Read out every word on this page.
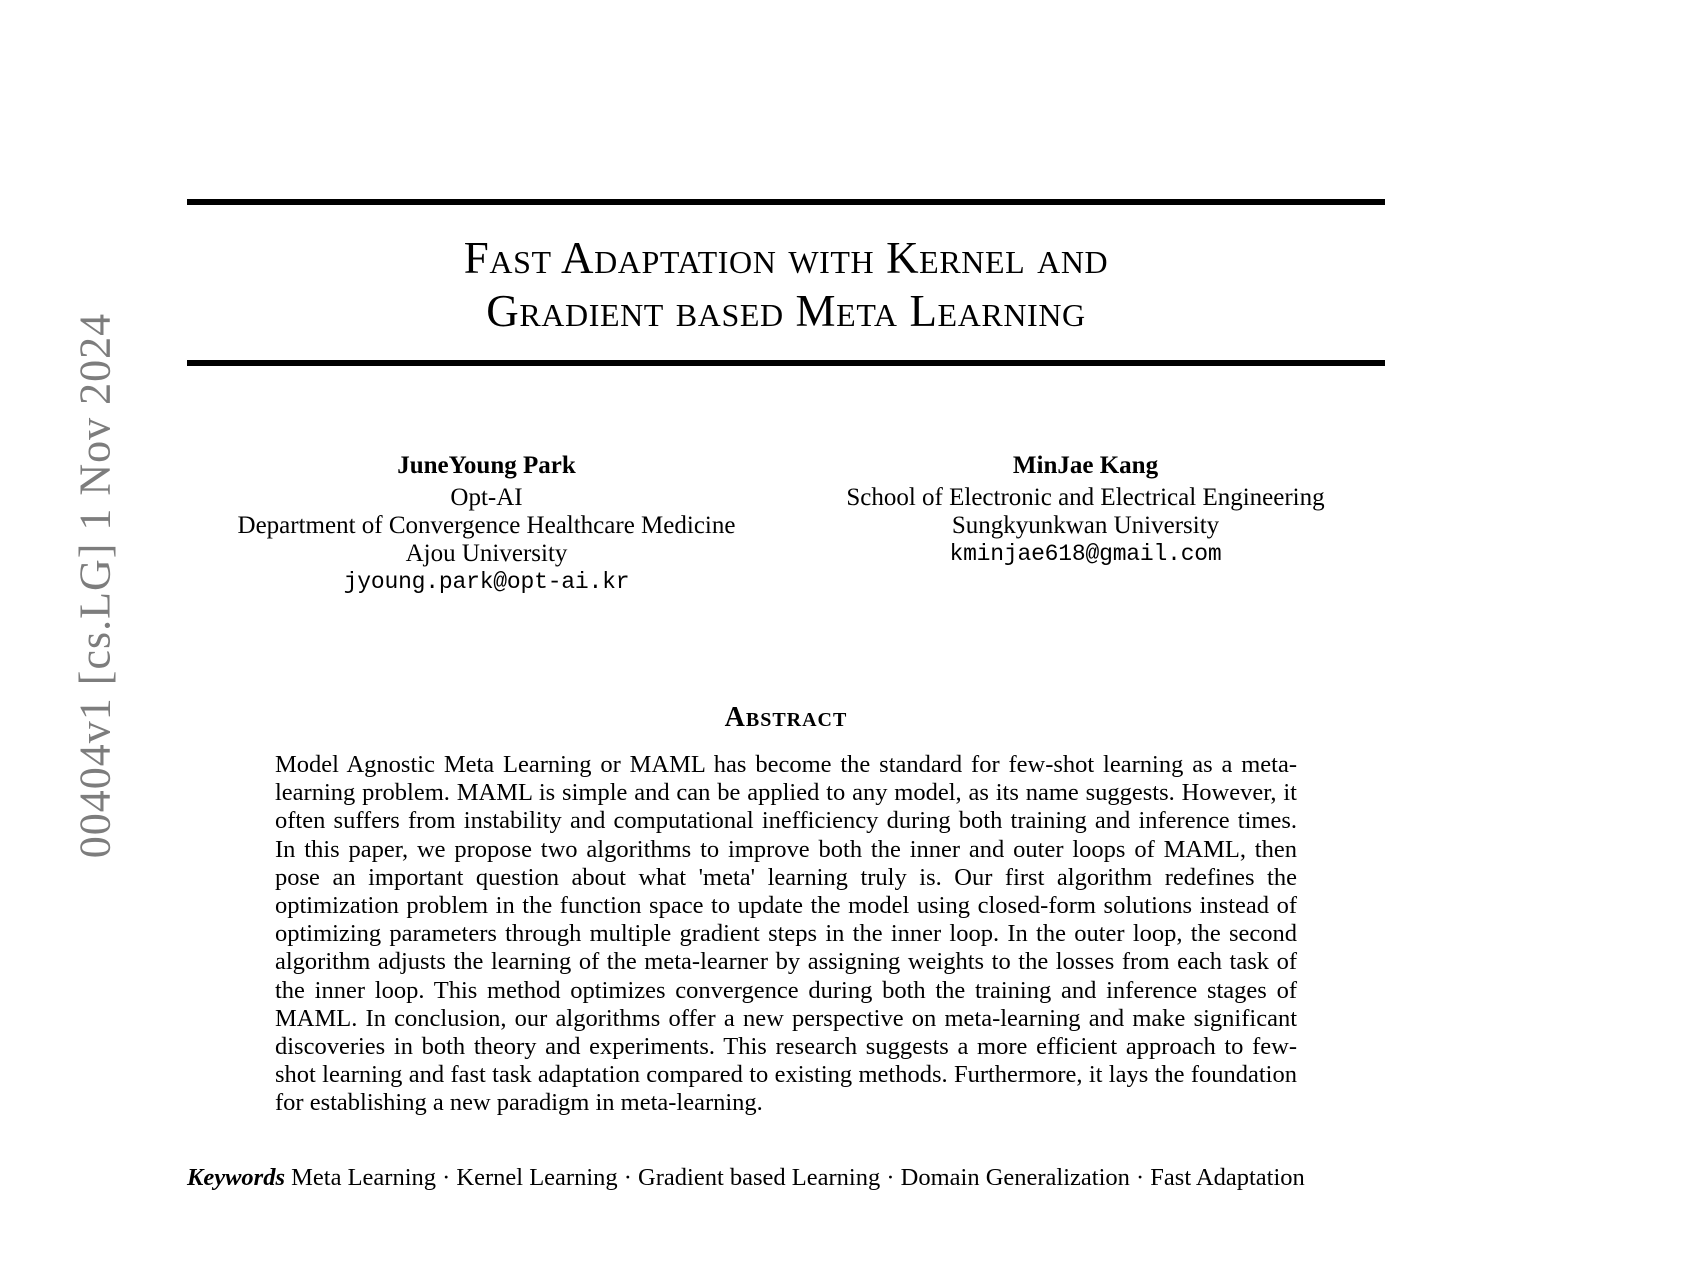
00404v1 [cs.LG] 1 Nov 2024
Fast Adaptation with Kernel and
Gradient based Meta Learning
JuneYoung Park
Opt-AI
Department of Convergence Healthcare Medicine
Ajou University
jyoung.park@opt-ai.kr
MinJae Kang
School of Electronic and Electrical Engineering
Sungkyunkwan University
kminjae618@gmail.com
Abstract
Model Agnostic Meta Learning or MAML has become the standard for few-shot learning as a meta-learning problem. MAML is simple and can be applied to any model, as its name suggests. However, it often suffers from instability and computational inefficiency during both training and inference times. In this paper, we propose two algorithms to improve both the inner and outer loops of MAML, then pose an important question about what 'meta' learning truly is. Our first algorithm redefines the optimization problem in the function space to update the model using closed-form solutions instead of optimizing parameters through multiple gradient steps in the inner loop. In the outer loop, the second algorithm adjusts the learning of the meta-learner by assigning weights to the losses from each task of the inner loop. This method optimizes convergence during both the training and inference stages of MAML. In conclusion, our algorithms offer a new perspective on meta-learning and make significant discoveries in both theory and experiments. This research suggests a more efficient approach to few-shot learning and fast task adaptation compared to existing methods. Furthermore, it lays the foundation for establishing a new paradigm in meta-learning.
Keywords Meta Learning · Kernel Learning · Gradient based Learning · Domain Generalization · Fast Adaptation
